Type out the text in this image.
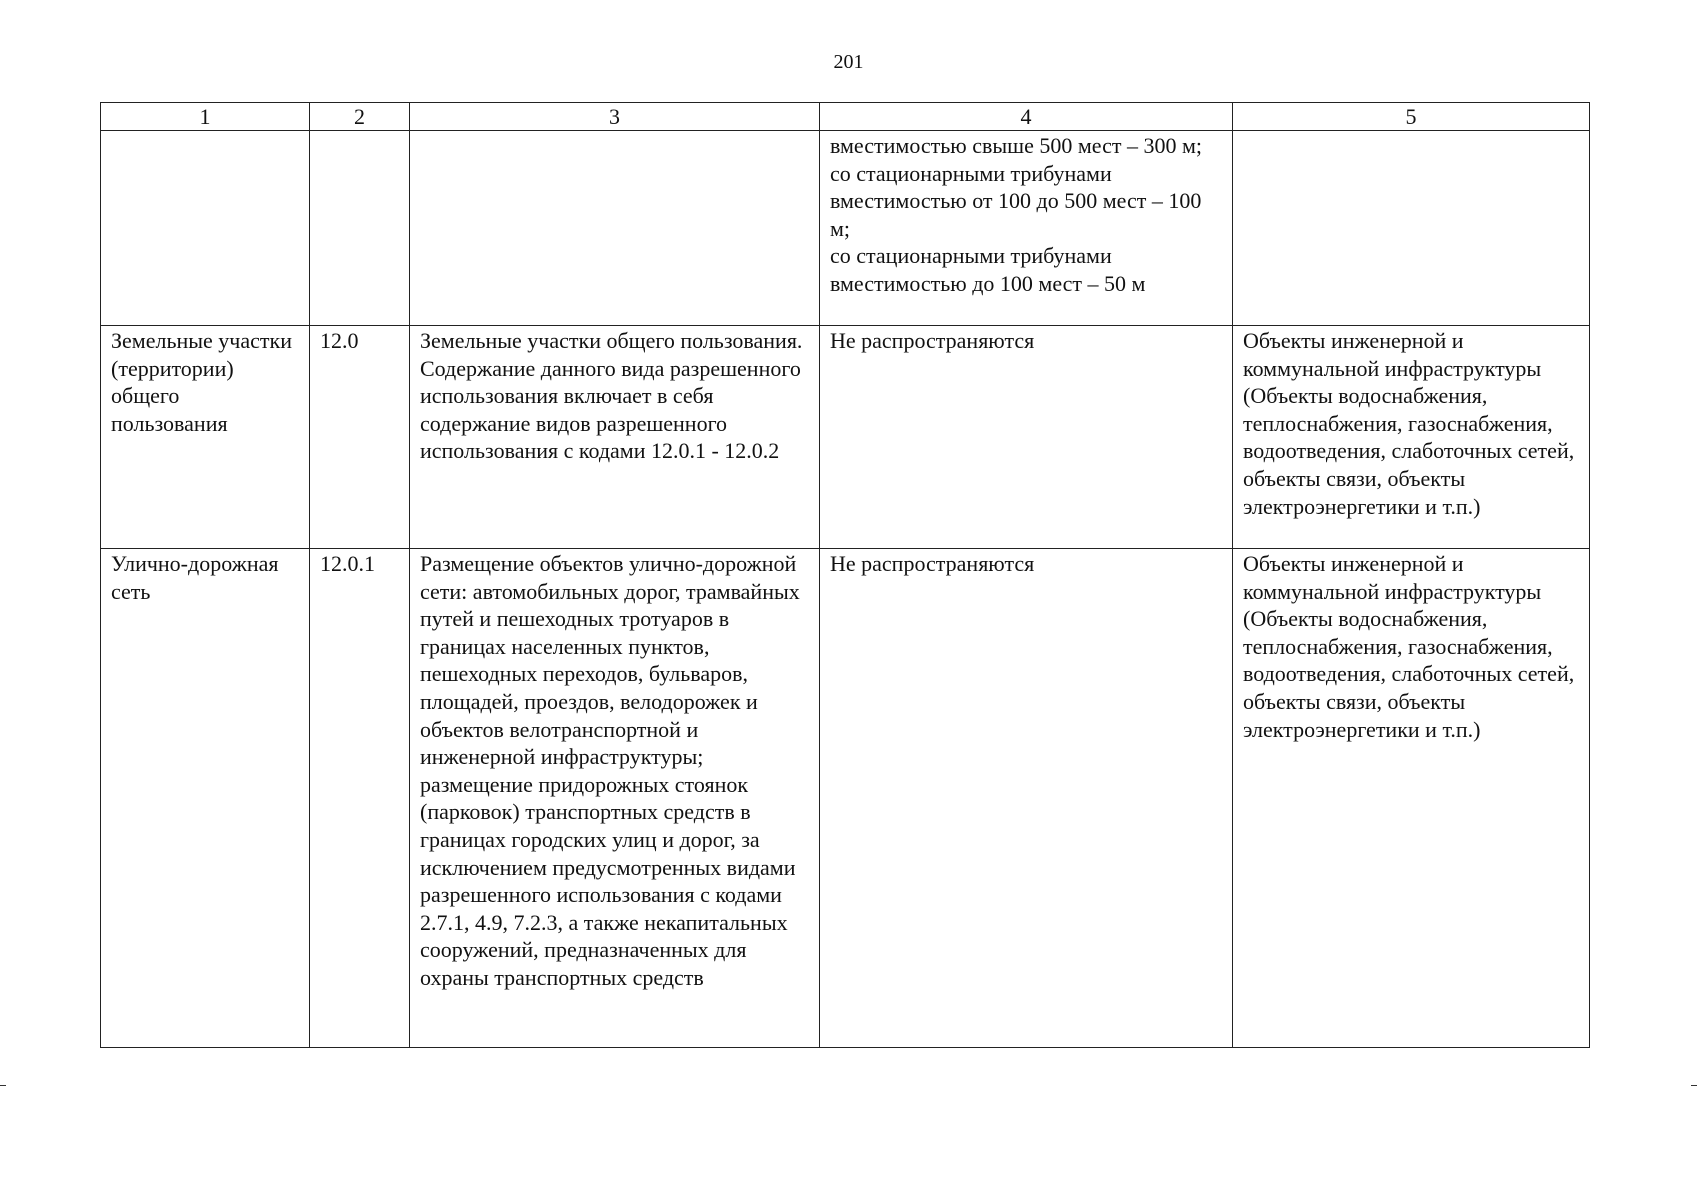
201
1	2	3	4	5
			вместимостью свыше 500 мест – 300 м;
со стационарными трибунами вместимостью от 100 до 500 мест – 100 м;
со стационарными трибунами вместимостью до 100 мест – 50 м	
Земельные участки (территории) общего пользования	12.0	Земельные участки общего пользования. Содержание данного вида разрешенного использования включает в себя содержание видов разрешенного использования с кодами 12.0.1 - 12.0.2	Не распространяются	Объекты инженерной и коммунальной инфраструктуры (Объекты водоснабжения, теплоснабжения, газоснабжения, водоотведения, слаботочных сетей, объекты связи, объекты электроэнергетики и т.п.)
Улично-дорожная сеть	12.0.1	Размещение объектов улично-дорожной сети: автомобильных дорог, трамвайных путей и пешеходных тротуаров в границах населенных пунктов, пешеходных переходов, бульваров, площадей, проездов, велодорожек и объектов велотранспортной и инженерной инфраструктуры;
размещение придорожных стоянок (парковок) транспортных средств в границах городских улиц и дорог, за исключением предусмотренных видами разрешенного использования с кодами 2.7.1, 4.9, 7.2.3, а также некапитальных сооружений, предназначенных для охраны транспортных средств	Не распространяются	Объекты инженерной и коммунальной инфраструктуры (Объекты водоснабжения, теплоснабжения, газоснабжения, водоотведения, слаботочных сетей, объекты связи, объекты электроэнергетики и т.п.)
